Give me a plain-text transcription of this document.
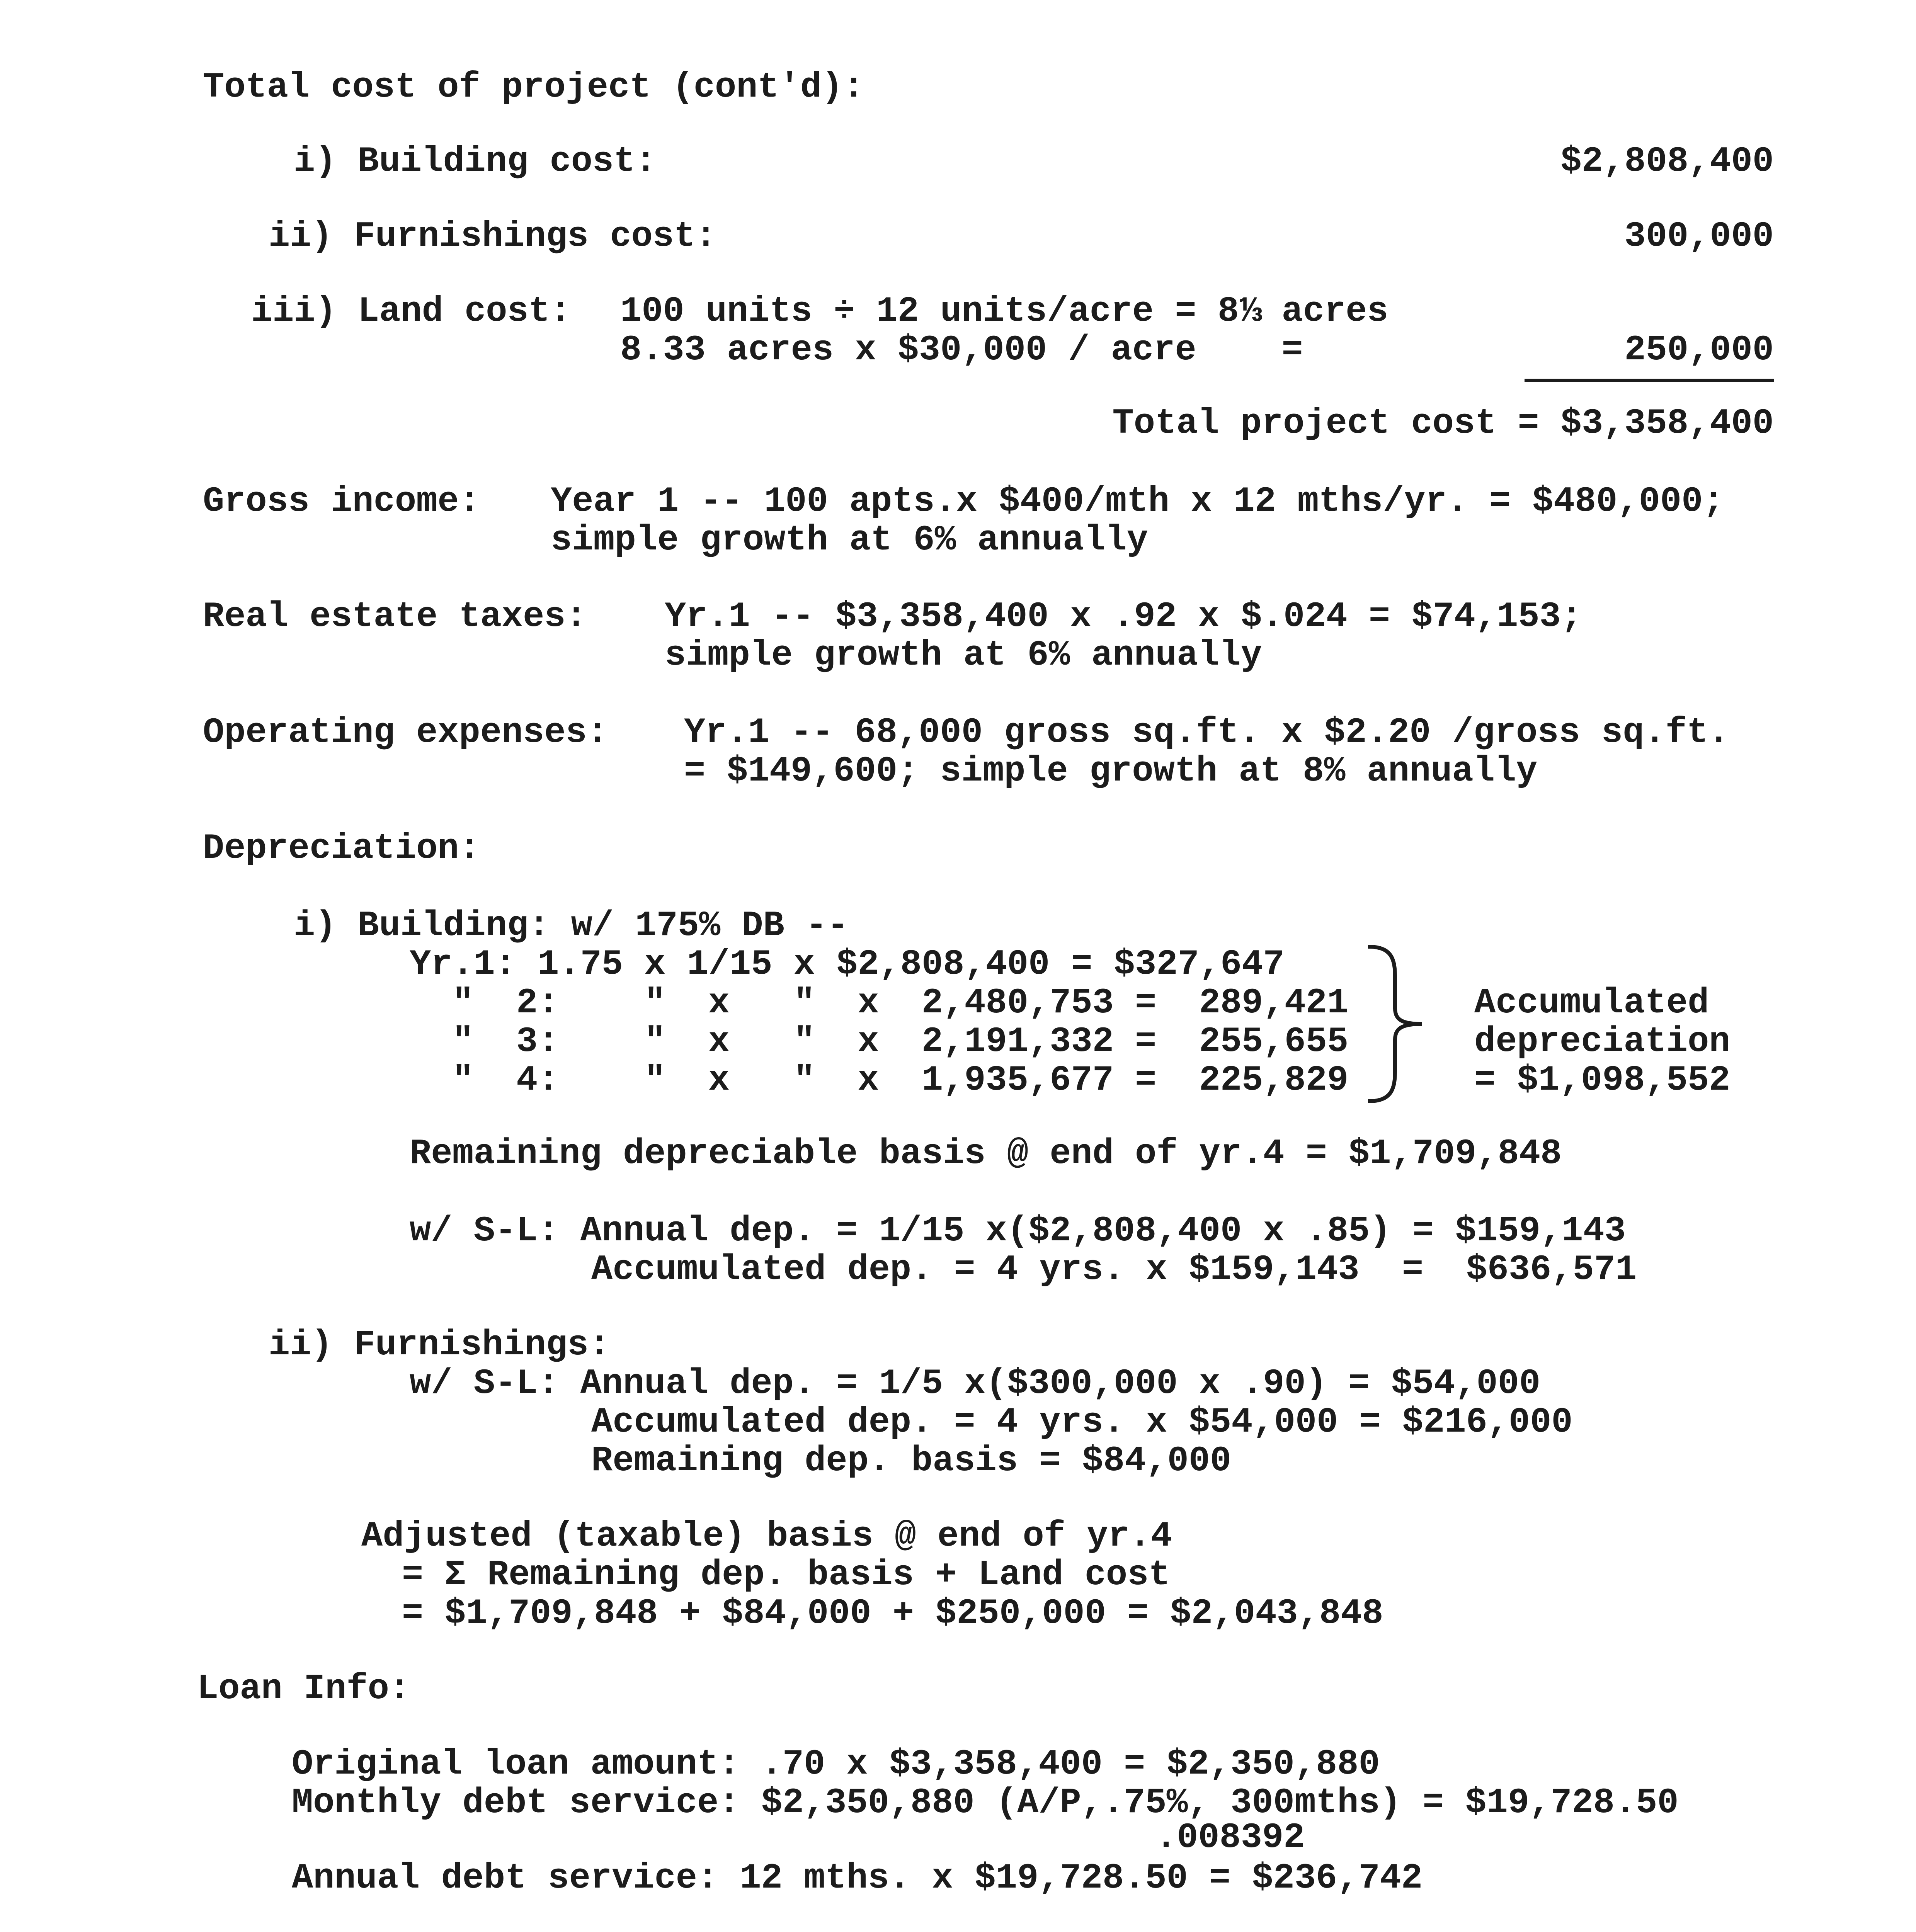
Total cost of project (cont'd):
i) Building cost:	$2,808,400
ii) Furnishings cost:	300,000
iii) Land cost: 100 units ÷ 12 units/acre = 8⅓ acres
8.33 acres x $30,000 / acre    =	250,000
Total project cost = $3,358,400
Gross income: Year 1 -- 100 apts.x $400/mth x 12 mths/yr. = $480,000;
simple growth at 6% annually
Real estate taxes: Yr.1 -- $3,358,400 x .92 x $.024 = $74,153;
simple growth at 6% annually
Operating expenses: Yr.1 -- 68,000 gross sq.ft. x $2.20 /gross sq.ft.
= $149,600; simple growth at 8% annually
Depreciation:
i) Building: w/ 175% DB --
Yr.1: 1.75 x 1/15 x $2,808,400 = $327,647
"  2:    "  x   "  x  2,480,753 =  289,421
"  3:    "  x   "  x  2,191,332 =  255,655
"  4:    "  x   "  x  1,935,677 =  225,829
Accumulated
depreciation
= $1,098,552
Remaining depreciable basis @ end of yr.4 = $1,709,848
w/ S-L: Annual dep. = 1/15 x($2,808,400 x .85) = $159,143
Accumulated dep. = 4 yrs. x $159,143  =  $636,571
ii) Furnishings:
w/ S-L: Annual dep. = 1/5 x($300,000 x .90) = $54,000
Accumulated dep. = 4 yrs. x $54,000 = $216,000
Remaining dep. basis = $84,000
Adjusted (taxable) basis @ end of yr.4
= Σ Remaining dep. basis + Land cost
= $1,709,848 + $84,000 + $250,000 = $2,043,848
Loan Info:
Original loan amount: .70 x $3,358,400 = $2,350,880
Monthly debt service: $2,350,880 (A/P,.75%, 300mths) = $19,728.50
.008392
Annual debt service: 12 mths. x $19,728.50 = $236,742
